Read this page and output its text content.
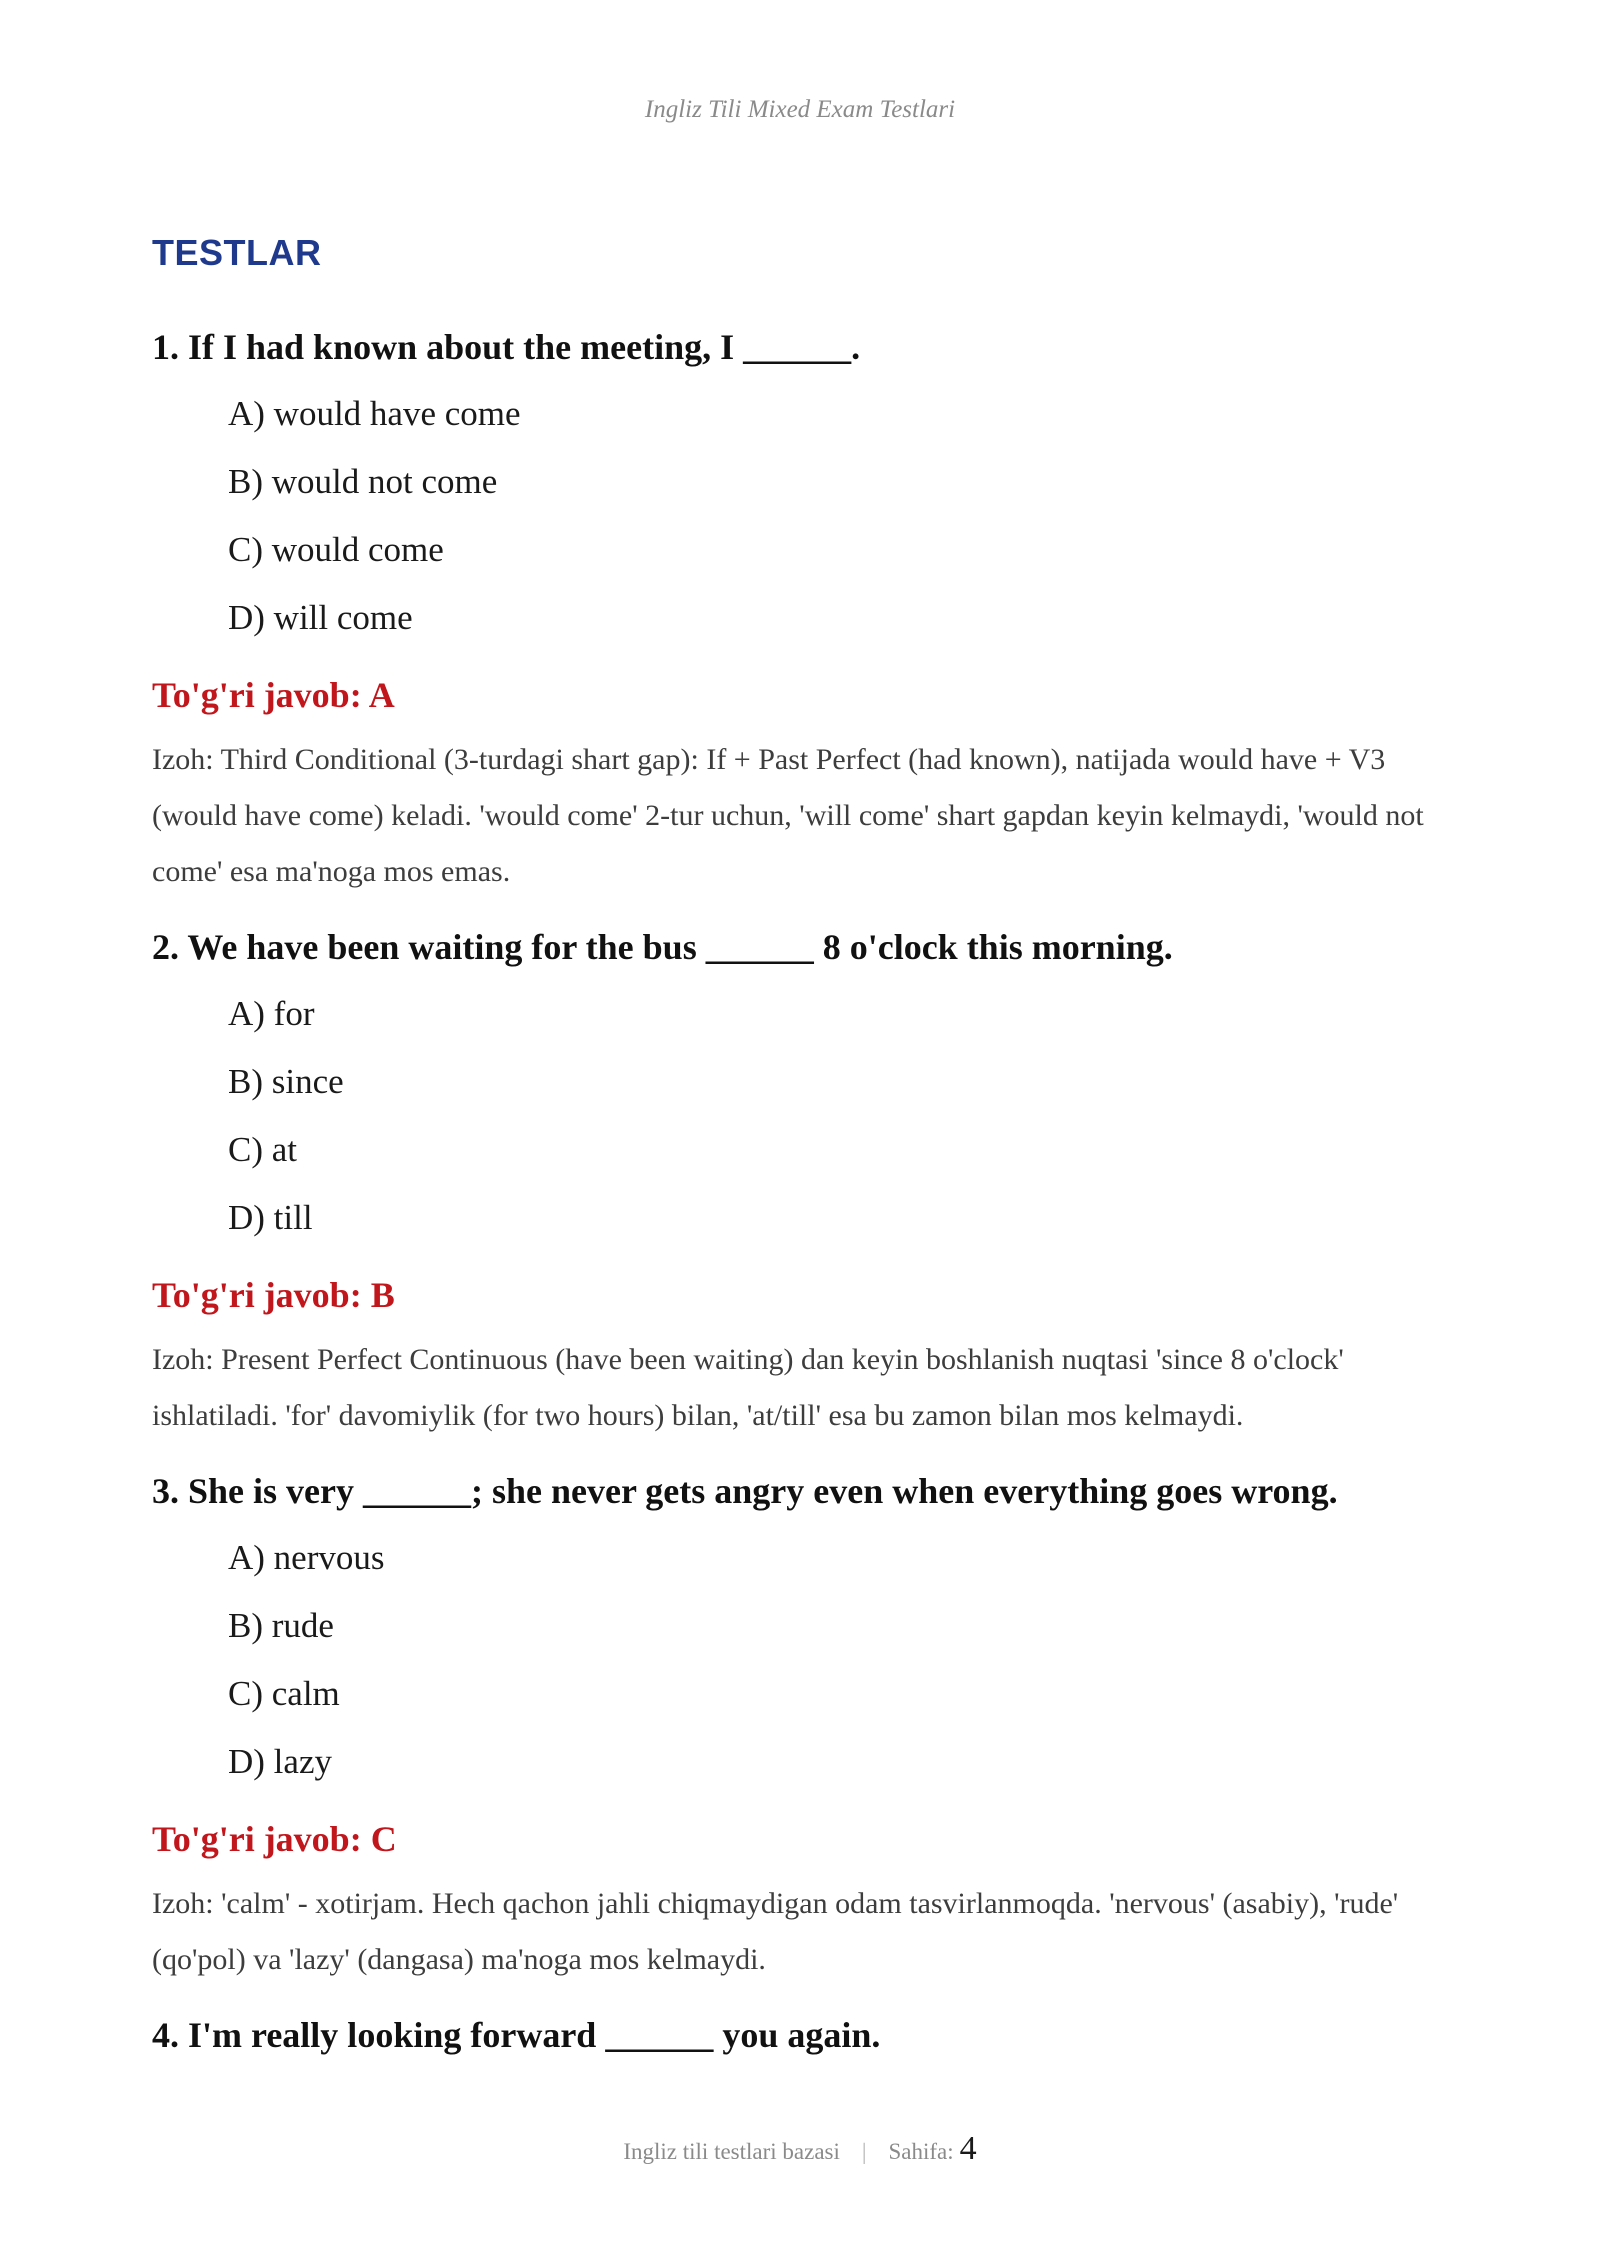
Ingliz Tili Mixed Exam Testlari
TESTLAR
1. If I had known about the meeting, I ______.
A) would have come
B) would not come
C) would come
D) will come
To'g'ri javob: A
Izoh: Third Conditional (3-turdagi shart gap): If + Past Perfect (had known), natijada would have + V3 (would have come) keladi. 'would come' 2-tur uchun, 'will come' shart gapdan keyin kelmaydi, 'would not come' esa ma'noga mos emas.
2. We have been waiting for the bus ______ 8 o'clock this morning.
A) for
B) since
C) at
D) till
To'g'ri javob: B
Izoh: Present Perfect Continuous (have been waiting) dan keyin boshlanish nuqtasi 'since 8 o'clock' ishlatiladi. 'for' davomiylik (for two hours) bilan, 'at/till' esa bu zamon bilan mos kelmaydi.
3. She is very ______; she never gets angry even when everything goes wrong.
A) nervous
B) rude
C) calm
D) lazy
To'g'ri javob: C
Izoh: 'calm' - xotirjam. Hech qachon jahli chiqmaydigan odam tasvirlanmoqda. 'nervous' (asabiy), 'rude' (qo'pol) va 'lazy' (dangasa) ma'noga mos kelmaydi.
4. I'm really looking forward ______ you again.
Ingliz tili testlari bazasi | Sahifa: 4
